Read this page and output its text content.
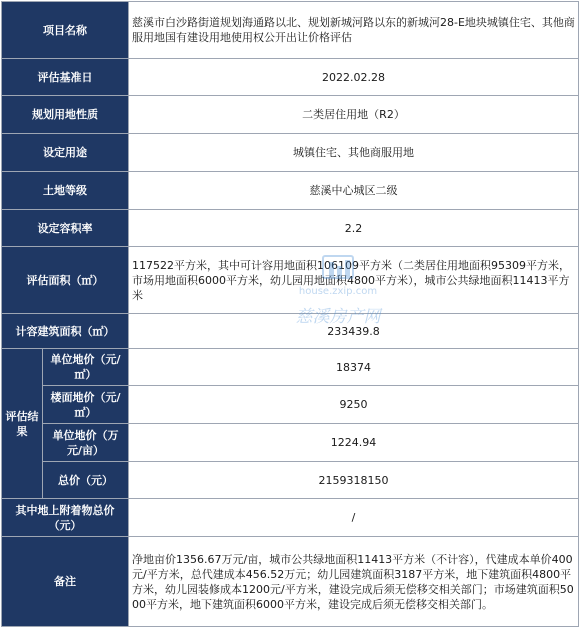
项目名称		慈溪市白沙路街道规划海通路以北、规划新城河路以东的新城河28-E地块城镇住宅、其他商服用地国有建设用地使用权公开出让价格评估
评估基准日		2022.02.28
规划用地性质		二类居住用地（R2）
设定用途		城镇住宅、其他商服用地
土地等级		慈溪中心城区二级
设定容积率		2.2
评估面积（㎡）		117522平方米，其中可计容用地面积106109平方米（二类居住用地面积95309平方米，市场用地面积6000平方米，幼儿园用地面积4800平方米），城市公共绿地面积11413平方米
计容建筑面积（㎡）		233439.8
评估结果	单位地价（元/㎡）	18374
	楼面地价（元/㎡）	9250
	单位地价（万元/亩）	1224.94
	总价（元）	2159318150
其中地上附着物总价（元）		/
备注		净地亩价1356.67万元/亩，城市公共绿地面积11413平方米（不计容），代建成本单价400元/平方米，总代建成本456.52万元；幼儿园建筑面积3187平方米，地下建筑面积4800平方米，幼儿园装修成本1200元/平方米，建设完成后须无偿移交相关部门；市场建筑面积5000平方米，地下建筑面积6000平方米，建设完成后须无偿移交相关部门。
house.zxip.com
慈溪房产网
